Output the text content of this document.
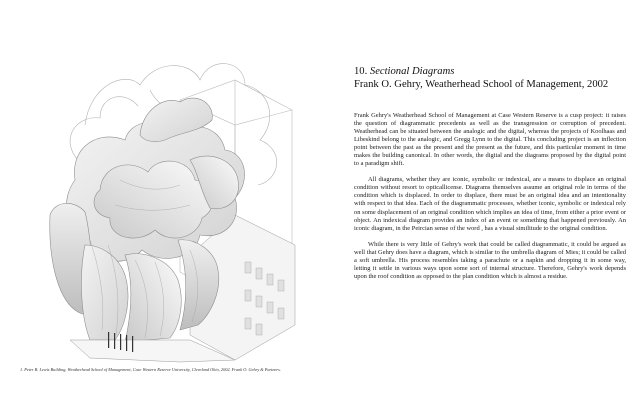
1. Peter B. Lewis Building, Weatherhead School of Management, Case Western Reserve University, Cleveland Ohio, 2002. Frank O. Gehry & Partners.
10. Sectional Diagrams
Frank O. Gehry, Weatherhead School of Management, 2002

Frank Gehry's Weatherhead School of Management at Case Western Reserve is a cusp project: it raises the question of diagrammatic precedents as well as the transgression or corruption of precedent. Weatherhead can be situated between the analogic and the digital, whereas the projects of Koolhaas and Libeskind belong to the analogic, and Gregg Lynn to the digital. This concluding project is an inflection point between the past as the present and the present as the future, and this particular moment in time makes the building canonical. In other words, the digital and the diagrams proposed by the digital point to a paradigm shift.

All diagrams, whether they are iconic, symbolic or indexical, are a means to displace an original condition without resort to opticallicense. Diagrams themselves assume an original role in terms of the condition which is displaced. In order to displace, there must be an original idea and an intentionality with respect to that idea. Each of the diagrammatic processes, whether iconic, symbolic or indexical rely on some displacement of an original condition which implies an idea of time, from either a prior event or object. An indexical diagram provides an index of an event or something that happened previously. An iconic diagram, in the Peircian sense of the word , has a visual similitude to the original condition.

While there is very little of Gehry's work that could be called diagrammatic, it could be argued as well that Gehry does have a diagram, which is similar to the umbrella diagram of Mies; it could be called a soft umbrella. His process resembles taking a parachute or a napkin and dropping it in some way, letting it settle in various ways upon some sort of internal structure. Therefore, Gehry's work depends upon the roof condition as opposed to the plan condition which is almost a residue.
